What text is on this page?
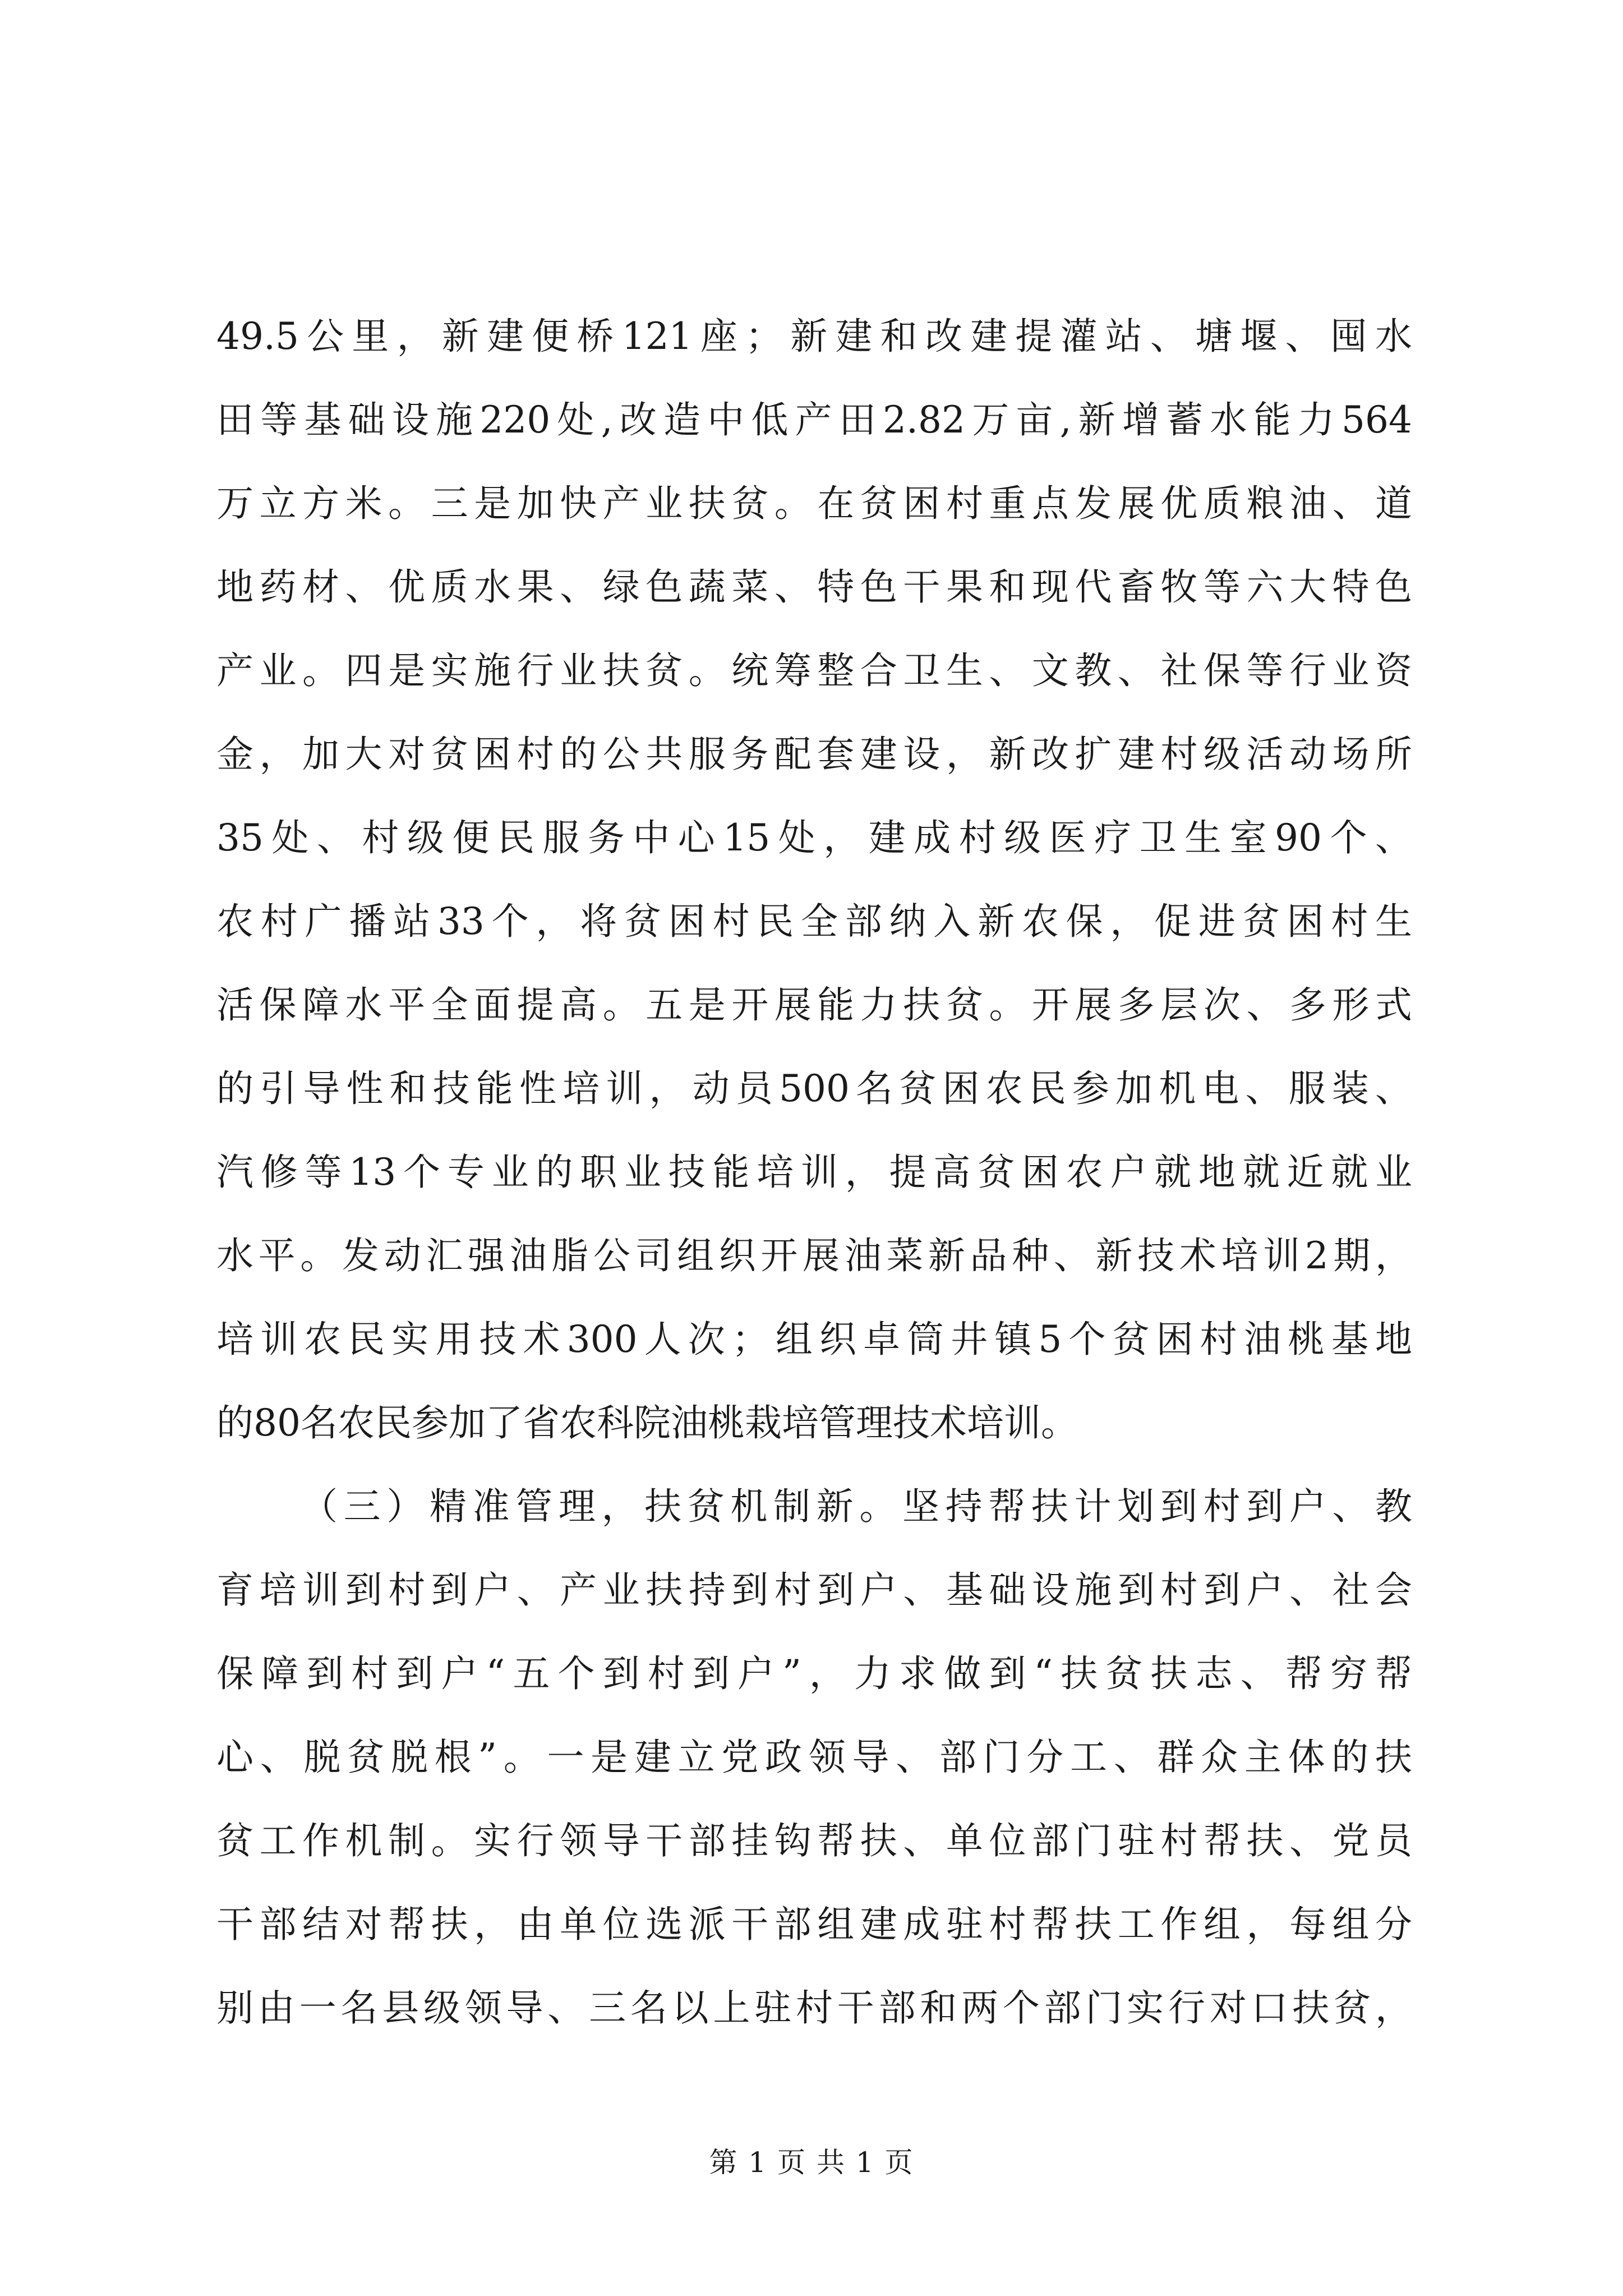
49.5公里，新建便桥121座；新建和改建提灌站、塘堰、囤水
田等基础设施220处,改造中低产田2.82万亩,新增蓄水能力564
万立方米。三是加快产业扶贫。在贫困村重点发展优质粮油、道
地药材、优质水果、绿色蔬菜、特色干果和现代畜牧等六大特色
产业。四是实施行业扶贫。统筹整合卫生、文教、社保等行业资
金，加大对贫困村的公共服务配套建设，新改扩建村级活动场所
35处、村级便民服务中心15处，建成村级医疗卫生室90个、
农村广播站33个，将贫困村民全部纳入新农保，促进贫困村生
活保障水平全面提高。五是开展能力扶贫。开展多层次、多形式
的引导性和技能性培训，动员500名贫困农民参加机电、服装、
汽修等13个专业的职业技能培训，提高贫困农户就地就近就业
水平。发动汇强油脂公司组织开展油菜新品种、新技术培训2期，
培训农民实用技术300人次；组织卓筒井镇5个贫困村油桃基地
的80名农民参加了省农科院油桃栽培管理技术培训。
（三）精准管理，扶贫机制新。坚持帮扶计划到村到户、教
育培训到村到户、产业扶持到村到户、基础设施到村到户、社会
保障到村到户“五个到村到户”，力求做到“扶贫扶志、帮穷帮
心、脱贫脱根”。一是建立党政领导、部门分工、群众主体的扶
贫工作机制。实行领导干部挂钩帮扶、单位部门驻村帮扶、党员
干部结对帮扶，由单位选派干部组建成驻村帮扶工作组，每组分
别由一名县级领导、三名以上驻村干部和两个部门实行对口扶贫，
第 1 页 共 1 页
